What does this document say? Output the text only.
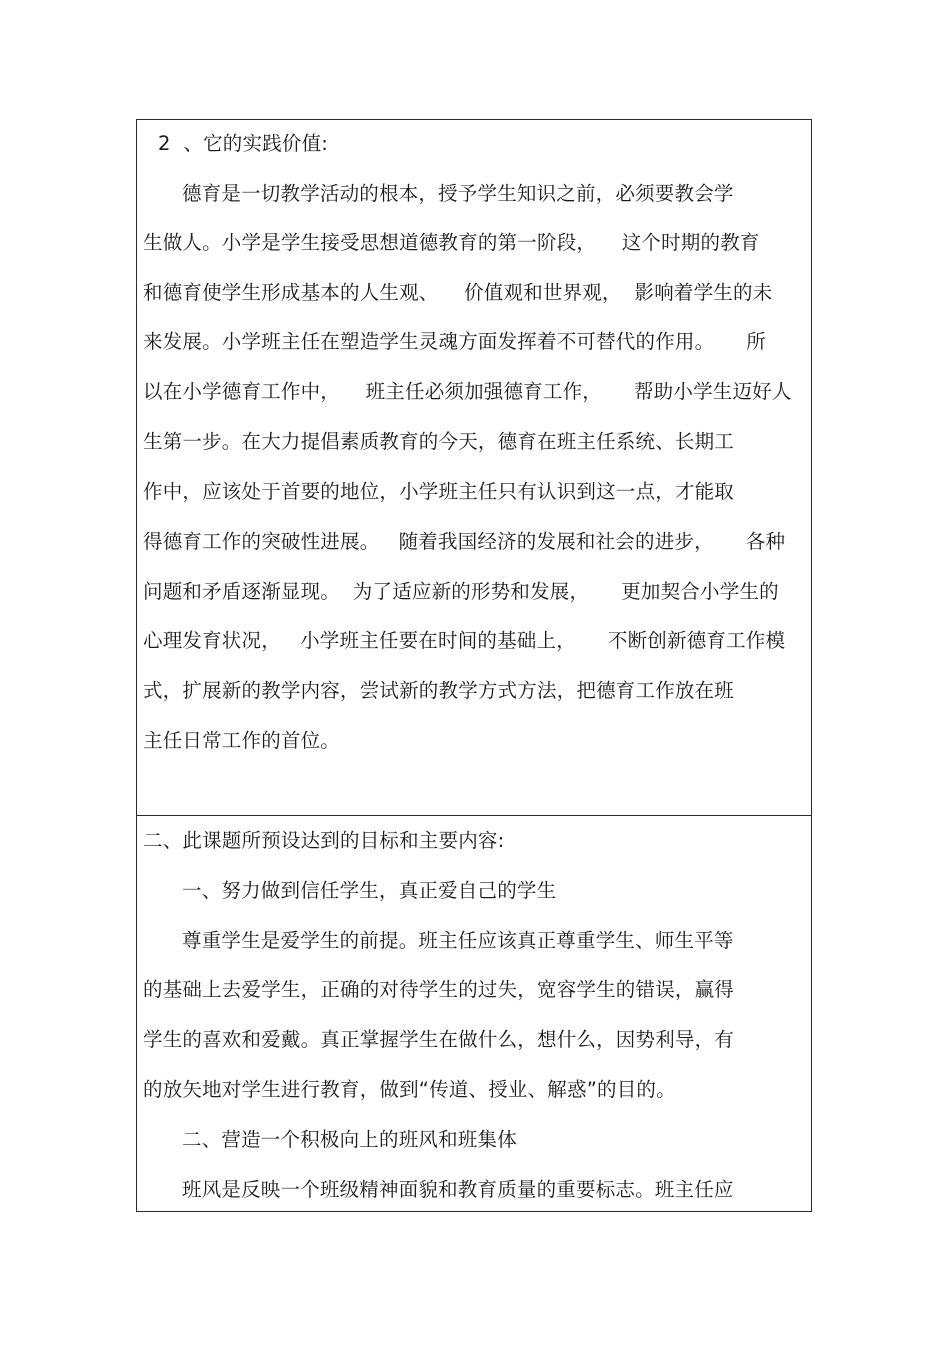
2  、它的实践价值:
德育是一切教学活动的根本，授予学生知识之前，必须要教会学
生做人。小学是学生接受思想道德教育的第一阶段，    这个时期的教育
和德育使学生形成基本的人生观、    价值观和世界观，  影响着学生的未
来发展。小学班主任在塑造学生灵魂方面发挥着不可替代的作用。     所
以在小学德育工作中，    班主任必须加强德育工作，     帮助小学生迈好人
生第一步。在大力提倡素质教育的今天，德育在班主任系统、长期工
作中，应该处于首要的地位，小学班主任只有认识到这一点，才能取
得德育工作的突破性进展。   随着我国经济的发展和社会的进步，     各种
问题和矛盾逐渐显现。  为了适应新的形势和发展，     更加契合小学生的
心理发育状况，   小学班主任要在时间的基础上，     不断创新德育工作模
式，扩展新的教学内容，尝试新的教学方式方法，把德育工作放在班
主任日常工作的首位。
二、此课题所预设达到的目标和主要内容:
一、努力做到信任学生，真正爱自己的学生
尊重学生是爱学生的前提。班主任应该真正尊重学生、师生平等
的基础上去爱学生，正确的对待学生的过失，宽容学生的错误，赢得
学生的喜欢和爱戴。真正掌握学生在做什么，想什么，因势利导，有
的放矢地对学生进行教育，做到“传道、授业、解惑”的目的。
二、营造一个积极向上的班风和班集体
班风是反映一个班级精神面貌和教育质量的重要标志。班主任应
